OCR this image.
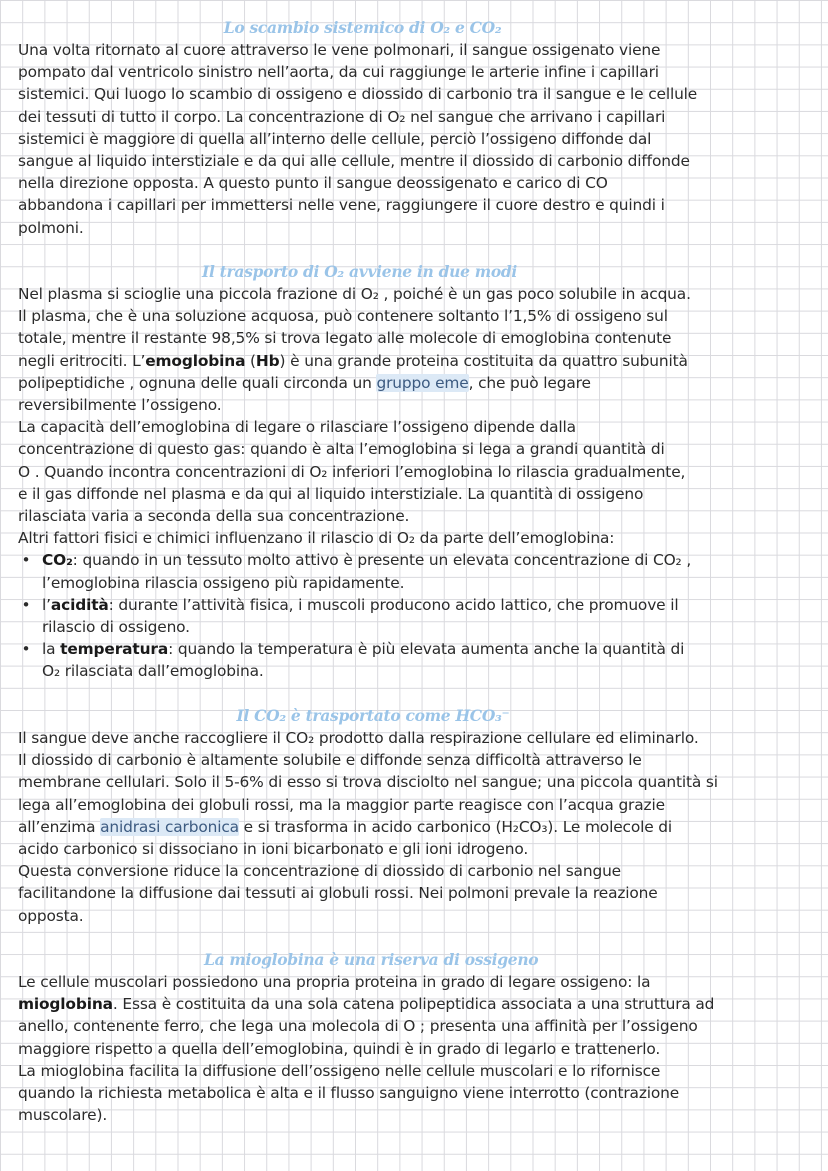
Lo scambio sistemico di O₂ e CO₂

Una volta ritornato al cuore attraverso le vene polmonari, il sangue ossigenato viene
pompato dal ventricolo sinistro nell’aorta, da cui raggiunge le arterie infine i capillari
sistemici. Qui luogo lo scambio di ossigeno e diossido di carbonio tra il sangue e le cellule
dei tessuti di tutto il corpo. La concentrazione di O₂ nel sangue che arrivano i capillari
sistemici è maggiore di quella all’interno delle cellule, perciò l’ossigeno diffonde dal
sangue al liquido interstiziale e da qui alle cellule, mentre il diossido di carbonio diffonde
nella direzione opposta. A questo punto il sangue deossigenato e carico di CO
abbandona i capillari per immettersi nelle vene, raggiungere il cuore destro e quindi i
polmoni.

Il trasporto di O₂ avviene in due modi

Nel plasma si scioglie una piccola frazione di O₂ , poiché è un gas poco solubile in acqua.
Il plasma, che è una soluzione acquosa, può contenere soltanto l’1,5% di ossigeno sul
totale, mentre il restante 98,5% si trova legato alle molecole di emoglobina contenute
negli eritrociti. L’emoglobina (Hb) è una grande proteina costituita da quattro subunità
polipeptidiche , ognuna delle quali circonda un gruppo eme, che può legare
reversibilmente l’ossigeno.
La capacità dell’emoglobina di legare o rilasciare l’ossigeno dipende dalla
concentrazione di questo gas: quando è alta l’emoglobina si lega a grandi quantità di
O . Quando incontra concentrazioni di O₂ inferiori l’emoglobina lo rilascia gradualmente,
e il gas diffonde nel plasma e da qui al liquido interstiziale. La quantità di ossigeno
rilasciata varia a seconda della sua concentrazione.
Altri fattori fisici e chimici influenzano il rilascio di O₂ da parte dell’emoglobina:

• CO₂: quando in un tessuto molto attivo è presente un elevata concentrazione di CO₂ ,
l’emoglobina rilascia ossigeno più rapidamente.
• l’acidità: durante l’attività fisica, i muscoli producono acido lattico, che promuove il
rilascio di ossigeno.
• la temperatura: quando la temperatura è più elevata aumenta anche la quantità di
O₂ rilasciata dall’emoglobina.
Il CO₂ è trasportato come HCO₃⁻

Il sangue deve anche raccogliere il CO₂ prodotto dalla respirazione cellulare ed eliminarlo.
Il diossido di carbonio è altamente solubile e diffonde senza difficoltà attraverso le
membrane cellulari. Solo il 5-6% di esso si trova disciolto nel sangue; una piccola quantità si
lega all’emoglobina dei globuli rossi, ma la maggior parte reagisce con l’acqua grazie
all’enzima anidrasi carbonica e si trasforma in acido carbonico (H₂CO₃). Le molecole di
acido carbonico si dissociano in ioni bicarbonato e gli ioni idrogeno.
Questa conversione riduce la concentrazione di diossido di carbonio nel sangue
facilitandone la diffusione dai tessuti ai globuli rossi. Nei polmoni prevale la reazione
opposta.

La mioglobina è una riserva di ossigeno

Le cellule muscolari possiedono una propria proteina in grado di legare ossigeno: la
mioglobina. Essa è costituita da una sola catena polipeptidica associata a una struttura ad
anello, contenente ferro, che lega una molecola di O ; presenta una affinità per l’ossigeno
maggiore rispetto a quella dell’emoglobina, quindi è in grado di legarlo e trattenerlo.
La mioglobina facilita la diffusione dell’ossigeno nelle cellule muscolari e lo rifornisce
quando la richiesta metabolica è alta e il flusso sanguigno viene interrotto (contrazione
muscolare).
